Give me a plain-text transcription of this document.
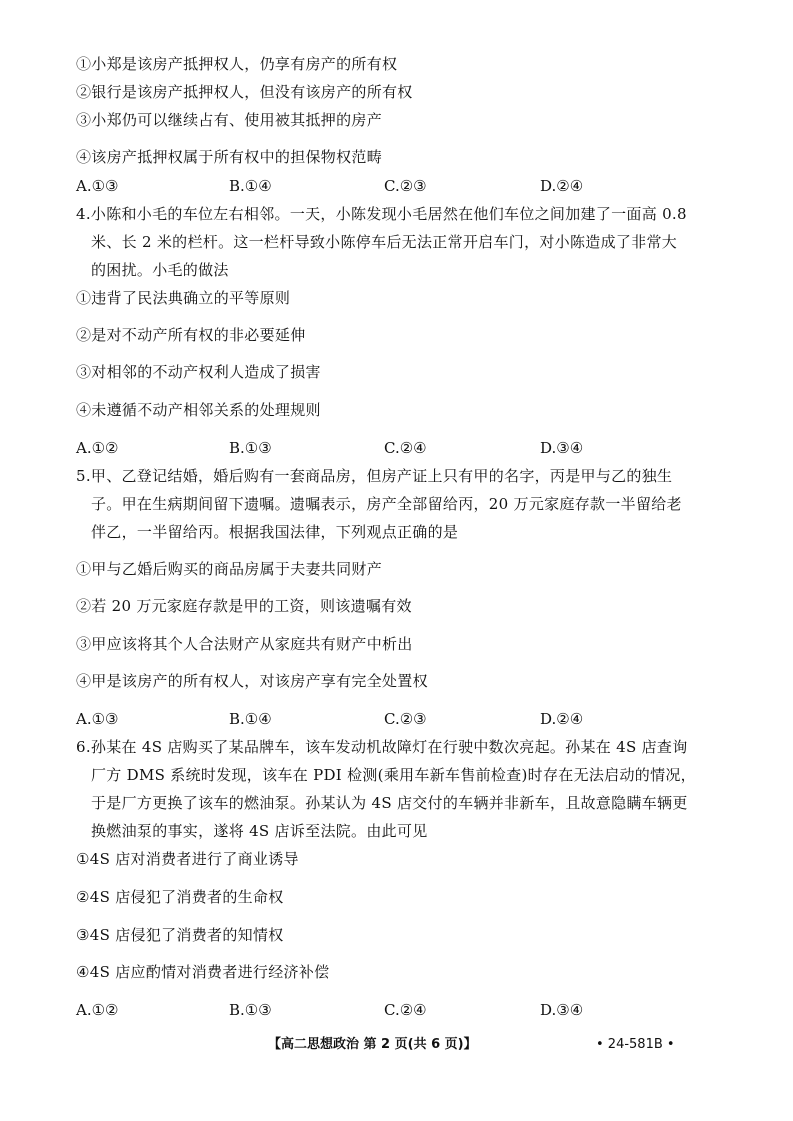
①小郑是该房产抵押权人，仍享有房产的所有权
②银行是该房产抵押权人，但没有该房产的所有权
③小郑仍可以继续占有、使用被其抵押的房产
④该房产抵押权属于所有权中的担保物权范畴
A.①③	B.①④	C.②③	D.②④
4.小陈和小毛的车位左右相邻。一天，小陈发现小毛居然在他们车位之间加建了一面高 0.8
米、长 2 米的栏杆。这一栏杆导致小陈停车后无法正常开启车门，对小陈造成了非常大
的困扰。小毛的做法
①违背了民法典确立的平等原则
②是对不动产所有权的非必要延伸
③对相邻的不动产权利人造成了损害
④未遵循不动产相邻关系的处理规则
A.①②	B.①③	C.②④	D.③④
5.甲、乙登记结婚，婚后购有一套商品房，但房产证上只有甲的名字，丙是甲与乙的独生
子。甲在生病期间留下遗嘱。遗嘱表示，房产全部留给丙，20 万元家庭存款一半留给老
伴乙，一半留给丙。根据我国法律，下列观点正确的是
①甲与乙婚后购买的商品房属于夫妻共同财产
②若 20 万元家庭存款是甲的工资，则该遗嘱有效
③甲应该将其个人合法财产从家庭共有财产中析出
④甲是该房产的所有权人，对该房产享有完全处置权
A.①③	B.①④	C.②③	D.②④
6.孙某在 4S 店购买了某品牌车，该车发动机故障灯在行驶中数次亮起。孙某在 4S 店查询
厂方 DMS 系统时发现，该车在 PDI 检测(乘用车新车售前检查)时存在无法启动的情况，
于是厂方更换了该车的燃油泵。孙某认为 4S 店交付的车辆并非新车，且故意隐瞒车辆更
换燃油泵的事实，遂将 4S 店诉至法院。由此可见
①4S 店对消费者进行了商业诱导
②4S 店侵犯了消费者的生命权
③4S 店侵犯了消费者的知情权
④4S 店应酌情对消费者进行经济补偿
A.①②	B.①③	C.②④	D.③④
【高二思想政治 第 2 页(共 6 页)】	• 24-581B •
